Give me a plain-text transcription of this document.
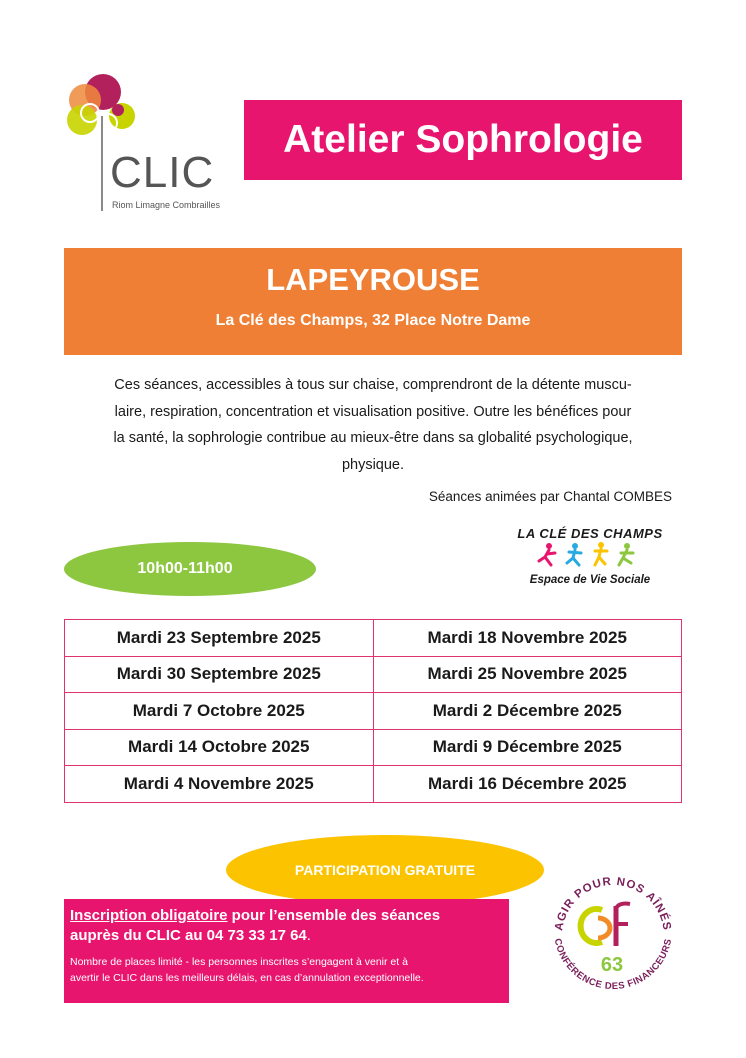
CLIC
Riom Limagne Combrailles
Atelier Sophrologie
LAPEYROUSE
La Clé des Champs, 32 Place Notre Dame
Ces séances, accessibles à tous sur chaise, comprendront de la détente muscu-
laire, respiration, concentration et visualisation positive. Outre les bénéfices pour
la santé, la sophrologie contribue au mieux-être dans sa globalité psychologique,
physique.
Séances animées par Chantal COMBES
LA CLÉ DES CHAMPS
Espace de Vie Sociale
10h00-11h00
Mardi 23 Septembre 2025	Mardi 18 Novembre 2025
Mardi 30 Septembre 2025	Mardi 25 Novembre 2025
Mardi 7 Octobre 2025	Mardi 2 Décembre 2025
Mardi 14 Octobre 2025	Mardi 9 Décembre 2025
Mardi 4 Novembre 2025	Mardi 16 Décembre 2025
PARTICIPATION GRATUITE
Inscription obligatoire pour l’ensemble des séances
auprès du CLIC au 04 73 33 17 64.
Nombre de places limité - les personnes inscrites s’engagent à venir et à
avertir le CLIC dans les meilleurs délais, en cas d’annulation exceptionnelle.
AGIR POUR NOS AÎNÉS
CONFÉRENCE DES FINANCEURS
63
